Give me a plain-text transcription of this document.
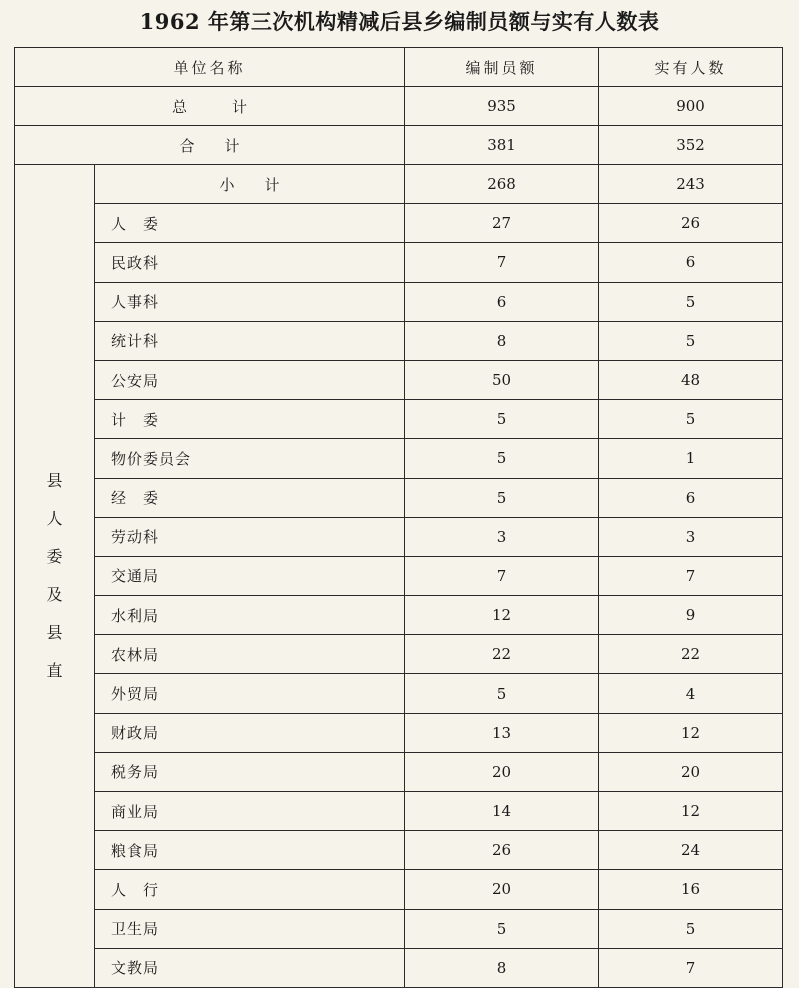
1962 年第三次机构精减后县乡编制员额与实有人数表
单位名称		编制员额	实有人数
总　　　计		935	900
合　　计		381	352
县人委及县直	小　　计	268	243
	人　委	27	26
	民政科	7	6
	人事科	6	5
	统计科	8	5
	公安局	50	48
	计　委	5	5
	物价委员会	5	1
	经　委	5	6
	劳动科	3	3
	交通局	7	7
	水利局	12	9
	农林局	22	22
	外贸局	5	4
	财政局	13	12
	税务局	20	20
	商业局	14	12
	粮食局	26	24
	人　行	20	16
	卫生局	5	5
	文教局	8	7
